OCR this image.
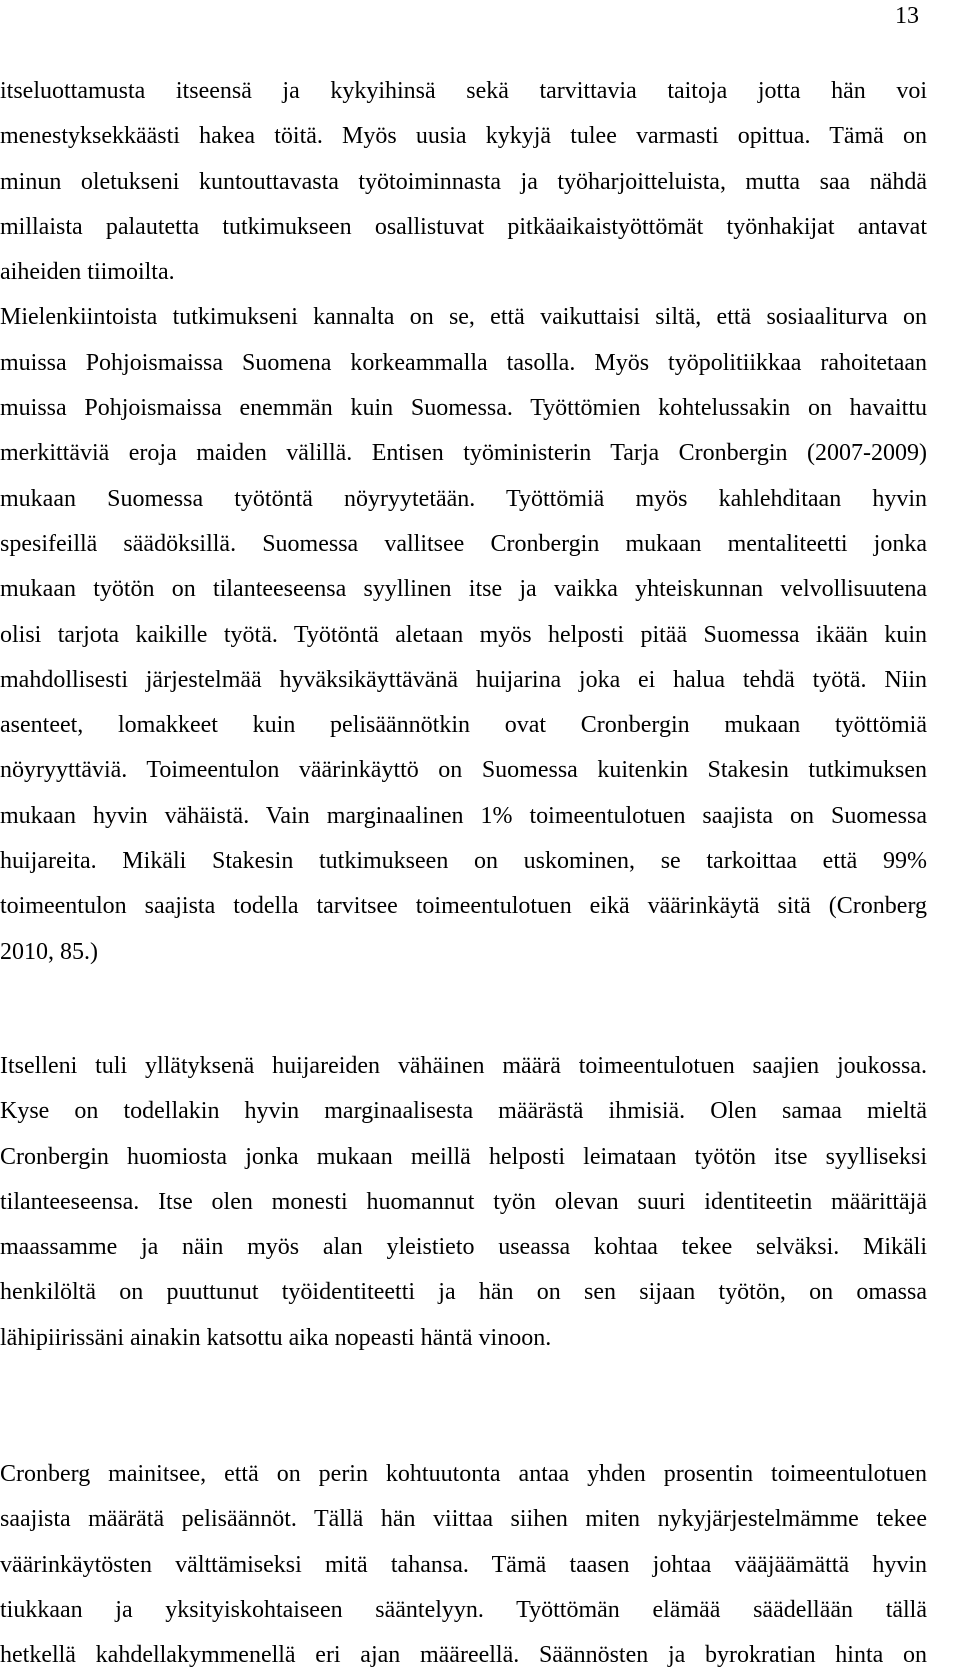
13

itseluottamusta itseensä ja kykyihinsä sekä tarvittavia taitoja jotta hän voi
menestyksekkäästi hakea töitä. Myös uusia kykyjä tulee varmasti opittua. Tämä on
minun oletukseni kuntouttavasta työtoiminnasta ja työharjoitteluista, mutta saa nähdä
millaista palautetta tutkimukseen osallistuvat pitkäaikaistyöttömät työnhakijat antavat
aiheiden tiimoilta.

Mielenkiintoista tutkimukseni kannalta on se, että vaikuttaisi siltä, että sosiaaliturva on
muissa Pohjoismaissa Suomena korkeammalla tasolla. Myös työpolitiikkaa rahoitetaan
muissa Pohjoismaissa enemmän kuin Suomessa. Työttömien kohtelussakin on havaittu
merkittäviä eroja maiden välillä. Entisen työministerin Tarja Cronbergin (2007-2009)
mukaan Suomessa työtöntä nöyryytetään. Työttömiä myös kahlehditaan hyvin
spesifeillä säädöksillä. Suomessa vallitsee Cronbergin mukaan mentaliteetti jonka
mukaan työtön on tilanteeseensa syyllinen itse ja vaikka yhteiskunnan velvollisuutena
olisi tarjota kaikille työtä. Työtöntä aletaan myös helposti pitää Suomessa ikään kuin
mahdollisesti järjestelmää hyväksikäyttävänä huijarina joka ei halua tehdä työtä. Niin
asenteet, lomakkeet kuin pelisäännötkin ovat Cronbergin mukaan työttömiä
nöyryyttäviä. Toimeentulon väärinkäyttö on Suomessa kuitenkin Stakesin tutkimuksen
mukaan hyvin vähäistä. Vain marginaalinen 1% toimeentulotuen saajista on Suomessa
huijareita. Mikäli Stakesin tutkimukseen on uskominen, se tarkoittaa että 99%
toimeentulon saajista todella tarvitsee toimeentulotuen eikä väärinkäytä sitä (Cronberg
2010, 85.)

Itselleni tuli yllätyksenä huijareiden vähäinen määrä toimeentulotuen saajien joukossa.
Kyse on todellakin hyvin marginaalisesta määrästä ihmisiä. Olen samaa mieltä
Cronbergin huomiosta jonka mukaan meillä helposti leimataan työtön itse syylliseksi
tilanteeseensa. Itse olen monesti huomannut työn olevan suuri identiteetin määrittäjä
maassamme ja näin myös alan yleistieto useassa kohtaa tekee selväksi. Mikäli
henkilöltä on puuttunut työidentiteetti ja hän on sen sijaan työtön, on omassa
lähipiirissäni ainakin katsottu aika nopeasti häntä vinoon.

Cronberg mainitsee, että on perin kohtuutonta antaa yhden prosentin toimeentulotuen
saajista määrätä pelisäännöt. Tällä hän viittaa siihen miten nykyjärjestelmämme tekee
väärinkäytösten välttämiseksi mitä tahansa. Tämä taasen johtaa vääjäämättä hyvin
tiukkaan ja yksityiskohtaiseen sääntelyyn. Työttömän elämää säädellään tällä
hetkellä kahdellakymmenellä eri ajan määreellä. Säännösten ja byrokratian hinta on
